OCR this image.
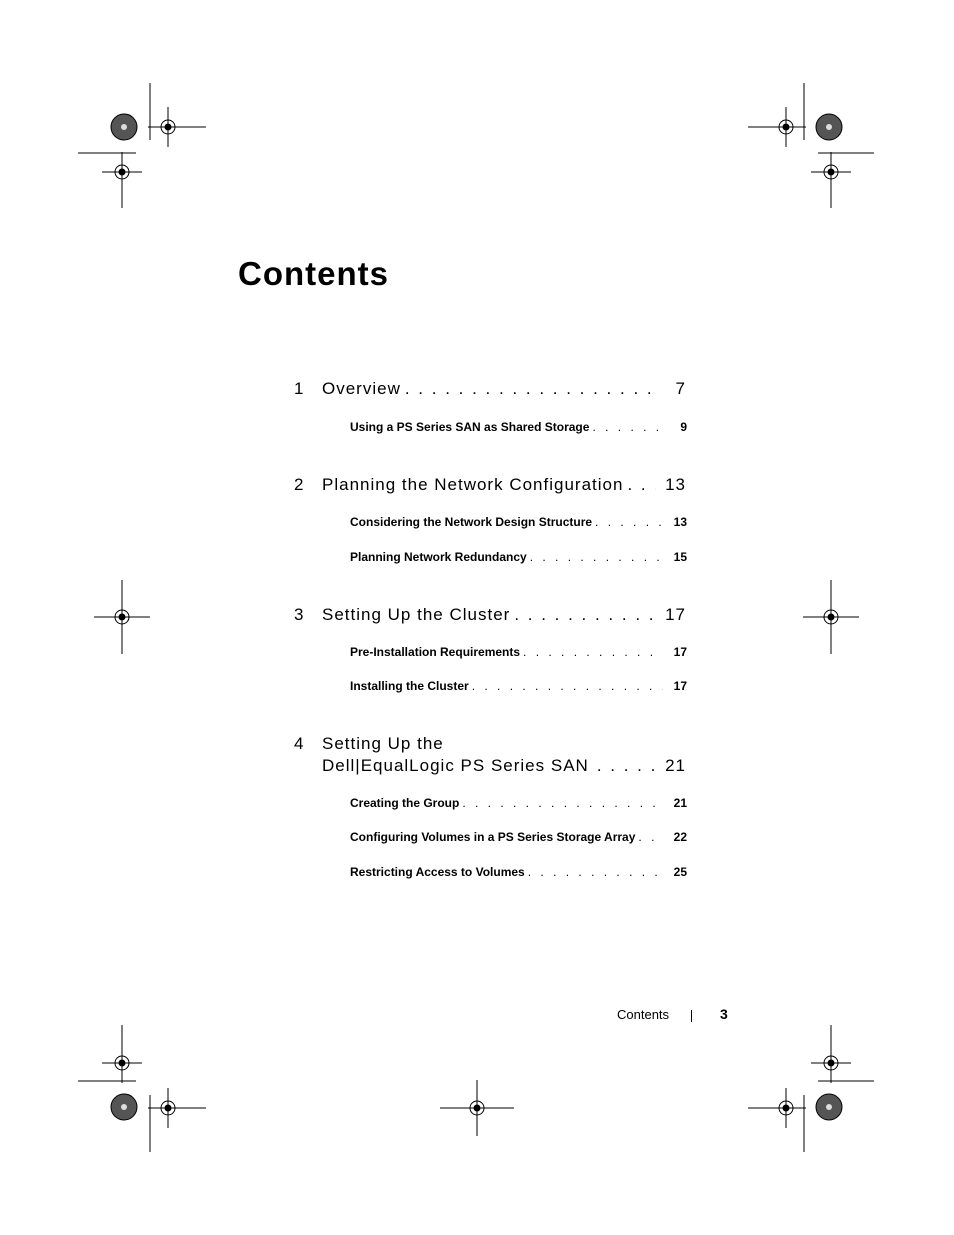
Contents
1	Overview . . .	7
Using a PS Series SAN as Shared Storage . . .	9
2	Planning the Network Configuration . . .	13
Considering the Network Design Structure . . .	13
Planning Network Redundancy . . .	15
3	Setting Up the Cluster . . .	17
Pre-Installation Requirements . . .	17
Installing the Cluster . . .	17
4 Setting Up the
Dell|EqualLogic PS Series SAN . . .	21
Creating the Group . . .	21
Configuring Volumes in a PS Series Storage Array . . .	22
Restricting Access to Volumes . . .	25
Contents	3
